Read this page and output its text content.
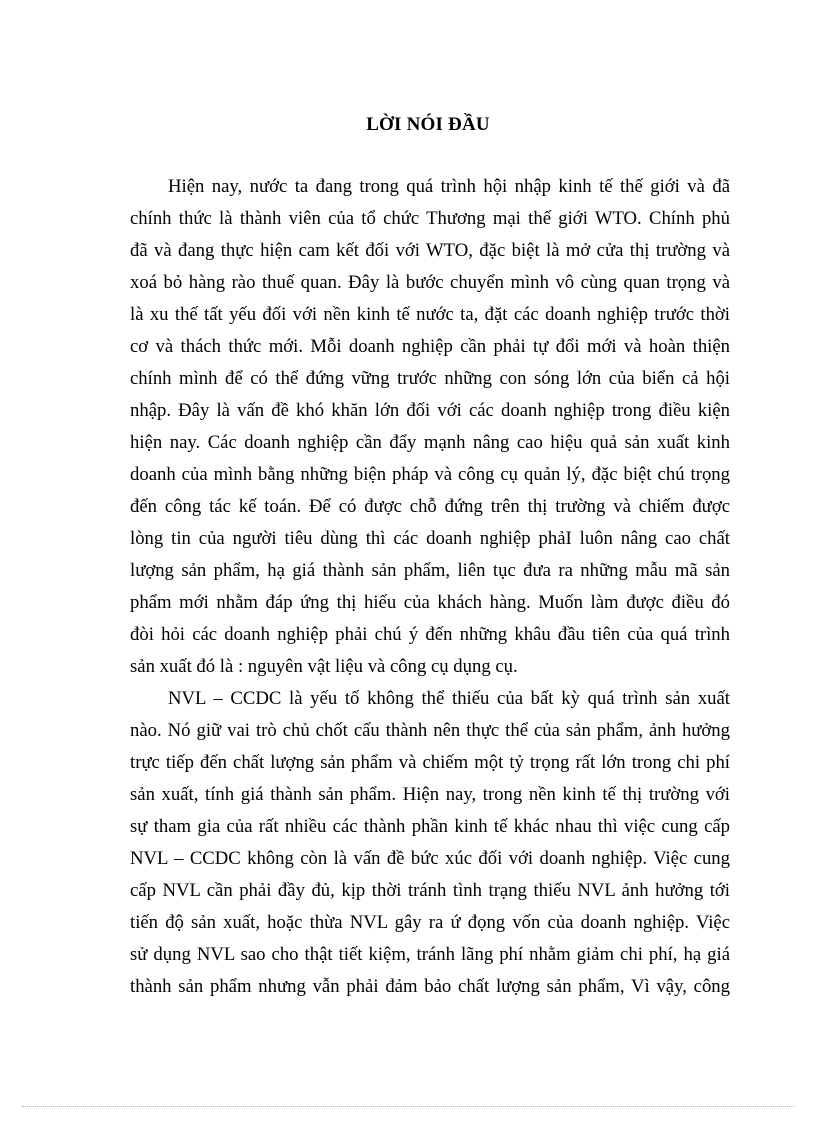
LỜI NÓI ĐẦU
Hiện nay, nước ta đang trong quá trình hội nhập kinh tế thế giới và đã
chính thức là thành viên của tổ chức Thương mại thế giới WTO. Chính phủ
đã và đang thực hiện cam kết đối với WTO, đặc biệt là mở cửa thị trường và
xoá bỏ hàng rào thuế quan. Đây là bước chuyển mình vô cùng quan trọng và
là xu thế tất yếu đối với nền kinh tế nước ta, đặt các doanh nghiệp trước thời
cơ và thách thức mới. Mỗi doanh nghiệp cần phải tự đổi mới và hoàn thiện
chính mình để có thể đứng vững trước những con sóng lớn của biển cả hội
nhập. Đây là vấn đề khó khăn lớn đối với các doanh nghiệp trong điều kiện
hiện nay. Các doanh nghiệp cần đẩy mạnh nâng cao hiệu quả sản xuất kinh
doanh của mình bằng những biện pháp và công cụ quản lý, đặc biệt chú trọng
đến công tác kế toán. Để có được chỗ đứng trên thị trường và chiếm được
lòng tin của người tiêu dùng thì các doanh nghiệp phảI luôn nâng cao chất
lượng sản phẩm, hạ giá thành sản phẩm, liên tục đưa ra những mẫu mã sản
phẩm mới nhằm đáp ứng thị hiếu của khách hàng. Muốn làm được điều đó
đòi hỏi các doanh nghiệp phải chú ý đến những khâu đầu tiên của quá trình
sản xuất đó là : nguyên vật liệu và công cụ dụng cụ.
NVL – CCDC là yếu tố không thể thiếu của bất kỳ quá trình sản xuất
nào. Nó giữ vai trò chủ chốt cấu thành nên thực thể của sản phẩm, ảnh hưởng
trực tiếp đến chất lượng sản phẩm và chiếm một tỷ trọng rất lớn trong chi phí
sản xuất, tính giá thành sản phẩm. Hiện nay, trong nền kinh tế thị trường với
sự tham gia của rất nhiều các thành phần kinh tế khác nhau thì việc cung cấp
NVL – CCDC không còn là vấn đề bức xúc đối với doanh nghiệp. Việc cung
cấp NVL cần phải đầy đủ, kịp thời tránh tình trạng thiếu NVL ảnh hưởng tới
tiến độ sản xuất, hoặc thừa NVL gây ra ứ đọng vốn của doanh nghiệp. Việc
sử dụng NVL sao cho thật tiết kiệm, tránh lãng phí nhằm giảm chi phí, hạ giá
thành sản phẩm nhưng vẫn phải đảm bảo chất lượng sản phẩm, Vì vậy, công
